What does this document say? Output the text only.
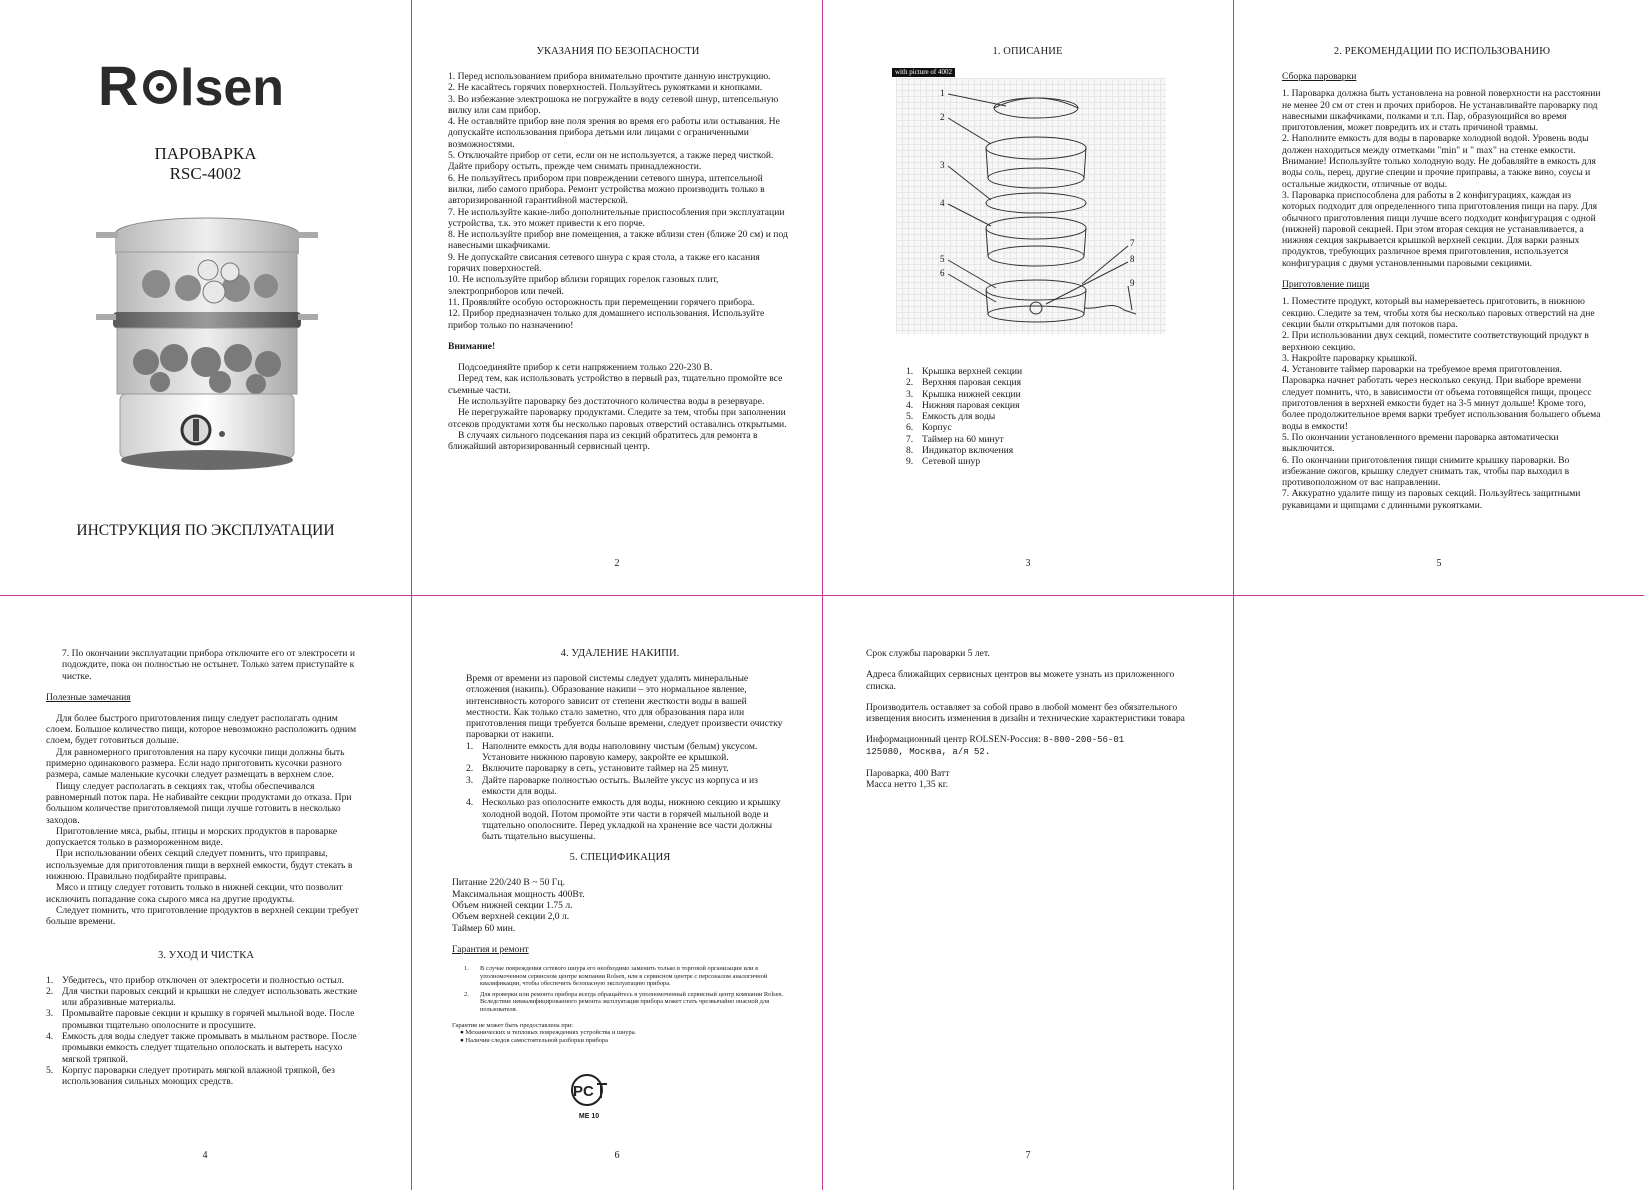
R lsen
ПАРОВАРКА
RSC-4002
ИНСТРУКЦИЯ ПО ЭКСПЛУАТАЦИИ
УКАЗАНИЯ ПО БЕЗОПАСНОСТИ

1. Перед использованием прибора внимательно прочтите данную инструкцию.

2. Не касайтесь горячих поверхностей. Пользуйтесь рукоятками и кнопками.

3. Во избежание электрошока не погружайте в воду сетевой шнур, штепсельную вилку или сам прибор.

4. Не оставляйте прибор вне поля зрения во время его работы или остывания. Не допускайте использования прибора детьми или лицами с ограниченными возможностями.

5. Отключайте прибор от сети, если он не используется, а также перед чисткой. Дайте прибору остыть, прежде чем снимать принадлежности.

6. Не пользуйтесь прибором при повреждении сетевого шнура, штепсельной вилки, либо самого прибора. Ремонт устройства можно производить только в авторизированной гарантийной мастерской.

7. Не используйте какие-либо дополнительные приспособления при эксплуатации устройства, т.к. это может привести к его порче.

8. Не используйте прибор вне помещения, а также вблизи стен (ближе 20 см) и под навесными шкафчиками.

9. Не допускайте свисания сетевого шнура с края стола, а также его касания горячих поверхностей.

10. Не используйте прибор вблизи горящих горелок газовых плит, электроприборов или печей.

11. Проявляйте особую осторожность при перемещении горячего прибора.

12. Прибор предназначен только для домашнего использования. Используйте прибор только по назначению!

Внимание!

Подсоединяйте прибор к сети напряжением только 220-230 В.

Перед тем, как использовать устройство в первый раз, тщательно промойте все съемные части.

Не используйте пароварку без достаточного количества воды в резервуаре.

Не перегружайте пароварку продуктами. Следите за тем, чтобы при заполнении отсеков продуктами хотя бы несколько паровых отверстий оставались открытыми.

В случаях сильного подсекания пара из секций обратитесь для ремонта в ближайший авторизированный сервисный центр.

2
1. ОПИСАНИЕ
with picture of 4002
1
2
3
4
5
6
7
8
9
1. Крышка верхней секции
2. Верхняя паровая секция
3. Крышка нижней секции
4. Нижняя паровая секция
5. Емкость для воды
6. Корпус
7. Таймер на 60 минут
8. Индикатор включения
9. Сетевой шнур
3
2. РЕКОМЕНДАЦИИ ПО ИСПОЛЬЗОВАНИЮ

Сборка пароварки

1. Пароварка должна быть установлена на ровной поверхности на расстоянии не менее 20 см от стен и прочих приборов. Не устанавливайте пароварку под навесными шкафчиками, полками и т.п. Пар, образующийся во время приготовления, может повредить их и стать причиной травмы.

2. Наполните емкость для воды в пароварке холодной водой. Уровень воды должен находиться между отметками "min" и " max" на стенке емкости.

Внимание! Используйте только холодную воду. Не добавляйте в емкость для воды соль, перец, другие специи и прочие приправы, а также вино, соусы и остальные жидкости, отличные от воды.

3. Пароварка приспособлена для работы в 2 конфигурациях, каждая из которых подходит для определенного типа приготовления пищи на пару. Для обычного приготовления пищи лучше всего подходит конфигурация с одной (нижней) паровой секцией. При этом вторая секция не устанавливается, а нижняя секция закрывается крышкой верхней секции. Для варки разных продуктов, требующих различное время приготовления, используется конфигурация с двумя установленными паровыми секциями.

Приготовление пищи

1. Поместите продукт, который вы намереваетесь приготовить, в нижнюю секцию. Следите за тем, чтобы хотя бы несколько паровых отверстий на дне секции были открытыми для потоков пара.

2. При использовании двух секций, поместите соответствующий продукт в верхнюю секцию.

3. Накройте пароварку крышкой.

4. Установите таймер пароварки на требуемое время приготовления. Пароварка начнет работать через несколько секунд. При выборе времени следует помнить, что, в зависимости от объема готовящейся пищи, процесс приготовления в верхней емкости будет на 3-5 минут дольше! Кроме того, более продолжительное время варки требует использования большего объема воды в емкости!

5. По окончании установленного времени пароварка автоматически выключится.

6. По окончании приготовления пищи снимите крышку пароварки. Во избежание ожогов, крышку следует снимать так, чтобы пар выходил в противоположном от вас направлении.

7. Аккуратно удалите пищу из паровых секций. Пользуйтесь защитными рукавицами и щипцами с длинными рукоятками.

5
7. По окончании эксплуатации прибора отключите его от электросети и подождите, пока он полностью не остынет. Только затем приступайте к чистке.

Полезные замечания

Для более быстрого приготовления пищу следует располагать одним слоем. Большое количество пищи, которое невозможно расположить одним слоем, будет готовиться дольше.

Для равномерного приготовления на пару кусочки пищи должны быть примерно одинакового размера. Если надо приготовить кусочки разного размера, самые маленькие кусочки следует размещать в верхнем слое.

Пищу следует располагать в секциях так, чтобы обеспечивался равномерный поток пара. Не набивайте секции продуктами до отказа. При большом количестве приготовляемой пищи лучше готовить в несколько заходов.

Приготовление мяса, рыбы, птицы и морских продуктов в пароварке допускается только в размороженном виде.

При использовании обеих секций следует помнить, что приправы, используемые для приготовления пищи в верхней емкости, будут стекать в нижнюю. Правильно подбирайте приправы.

Мясо и птицу следует готовить только в нижней секции, что позволит исключить попадание сока сырого мяса на другие продукты.

Следует помнить, что приготовление продуктов в верхней секции требует больше времени.

3. УХОД И ЧИСТКА
1. Убедитесь, что прибор отключен от электросети и полностью остыл.
2. Для чистки паровых секций и крышки не следует использовать жесткие или абразивные материалы.
3. Промывайте паровые секции и крышку в горячей мыльной воде. После промывки тщательно ополосните и просушите.
4. Емкость для воды следует также промывать в мыльном растворе. После промывки емкость следует тщательно ополоскать и вытереть насухо мягкой тряпкой.
5. Корпус пароварки следует протирать мягкой влажной тряпкой, без использования сильных моющих средств.
4
4. УДАЛЕНИЕ НАКИПИ.

Время от времени из паровой системы следует удалять минеральные отложения (накипь). Образование накипи – это нормальное явление, интенсивность которого зависит от степени жесткости воды в вашей местности. Как только стало заметно, что для образования пара или приготовления пищи требуется больше времени, следует произвести очистку пароварки от накипи.

1. Наполните емкость для воды наполовину чистым (белым) уксусом. Установите нижнюю паровую камеру, закройте ее крышкой.
2. Включите пароварку в сеть, установите таймер на 25 минут.
3. Дайте пароварке полностью остыть. Вылейте уксус из корпуса и из емкости для воды.
4. Несколько раз ополосните емкость для воды, нижнюю секцию и крышку холодной водой. Потом промойте эти части в горячей мыльной воде и тщательно ополосните. Перед укладкой на хранение все части должны быть тщательно высушены.
5. СПЕЦИФИКАЦИЯ

Питание 220/240 В ~ 50 Гц.

Максимальная мощность 400Вт.

Объем нижней секции 1.75 л.

Объем верхней секции 2,0 л.

Таймер 60 мин.

Гарантия и ремонт

1. В случае повреждения сетевого шнура его необходимо заменить только в торговой организации или в уполномоченном сервисном центре компании Rolsen, или в сервисном центре с персоналом аналогичной квалификации, чтобы обеспечить безопасную эксплуатацию прибора.
2. Для проверки или ремонта прибора всегда обращайтесь в уполномоченный сервисный центр компании Rolsen. Вследствие неквалифицированного ремонта эксплуатация прибора может стать чрезвычайно опасной для пользователя.
Гарантия не может быть предоставлена при:
● Механических и тепловых повреждениях устройства и шнура.
● Наличии следов самостоятельной разборки прибора
PC
МЕ 10
6

Срок службы пароварки 5 лет.

Адреса ближайщих сервисных центров вы можете узнать из приложенного списка.

Производитель оставляет за собой право в любой момент без обязательного извещения вносить изменения в дизайн и технические характеристики товара

Информационный центр ROLSEN-Россия: 8-800-200-56-01

125080, Москва, а/я 52.

Пароварка, 400 Ватт

Масса нетто 1,35 кг.

7
